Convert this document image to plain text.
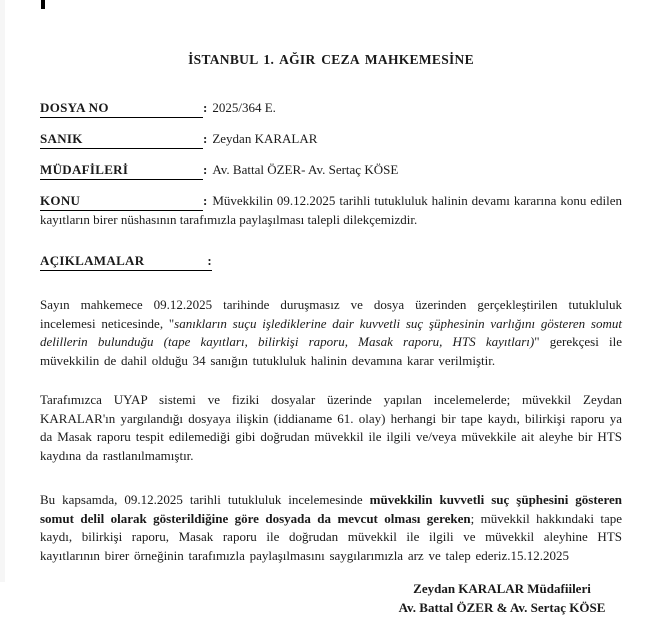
İSTANBUL 1. AĞIR CEZA MAHKEMESİNE

DOSYA NO	: 2025/364 E.

SANIK	: Zeydan KARALAR

MÜDAFİLERİ	: Av. Battal ÖZER- Av. Sertaç KÖSE

KONU	: Müvekkilin 09.12.2025 tarihli tutukluluk halinin devamı kararına konu edilen kayıtların birer nüshasının tarafımızla paylaşılması talepli dilekçemizdir.

AÇIKLAMALAR	:

Sayın mahkemece 09.12.2025 tarihinde duruşmasız ve dosya üzerinden gerçekleştirilen tutukluluk incelemesi neticesinde, "sanıkların suçu işlediklerine dair kuvvetli suç şüphesinin varlığını gösteren somut delillerin bulunduğu (tape kayıtları, bilirkişi raporu, Masak raporu, HTS kayıtları)" gerekçesi ile müvekkilin de dahil olduğu 34 sanığın tutukluluk halinin devamına karar verilmiştir.

Tarafımızca UYAP sistemi ve fiziki dosyalar üzerinde yapılan incelemelerde; müvekkil Zeydan KARALAR'ın yargılandığı dosyaya ilişkin (iddianame 61. olay) herhangi bir tape kaydı, bilirkişi raporu ya da Masak raporu tespit edilemediği gibi doğrudan müvekkil ile ilgili ve/veya müvekkile ait aleyhe bir HTS kaydına da rastlanılmamıştır.

Bu kapsamda, 09.12.2025 tarihli tutukluluk incelemesinde müvekkilin kuvvetli suç şüphesini gösteren somut delil olarak gösterildiğine göre dosyada da mevcut olması gereken; müvekkil hakkındaki tape kaydı, bilirkişi raporu, Masak raporu ile doğrudan müvekkil ile ilgili ve müvekkil aleyhine HTS kayıtlarının birer örneğinin tarafımızla paylaşılmasını saygılarımızla arz ve talep ederiz.15.12.2025

Zeydan KARALAR Müdafiileri
Av. Battal ÖZER & Av. Sertaç KÖSE
